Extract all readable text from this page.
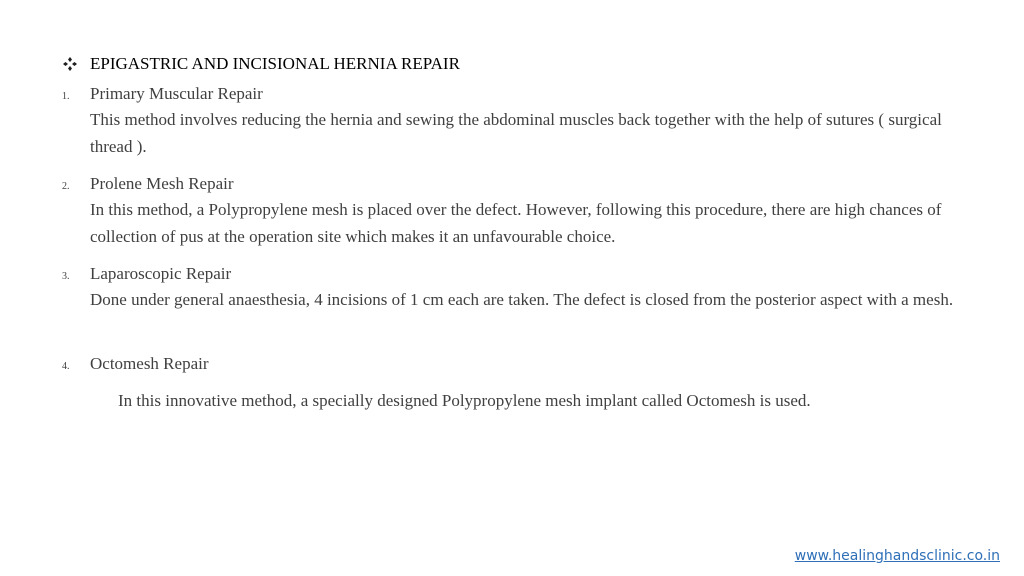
EPIGASTRIC AND INCISIONAL HERNIA REPAIR
1.	Primary Muscular Repair
This method involves reducing the hernia and sewing the abdominal muscles back together with the help of sutures ( surgical thread ).
2.	Prolene Mesh Repair
In this method, a Polypropylene mesh is placed over the defect. However, following this procedure, there are high chances of collection of pus at the operation site which makes it an unfavourable choice.
3.	Laparoscopic Repair
Done under general anaesthesia, 4 incisions of 1 cm each are taken. The defect is closed from the posterior aspect with a mesh.
4.	Octomesh Repair
In this innovative method, a specially designed Polypropylene mesh implant called Octomesh is used.
www.healinghandsclinic.co.in
